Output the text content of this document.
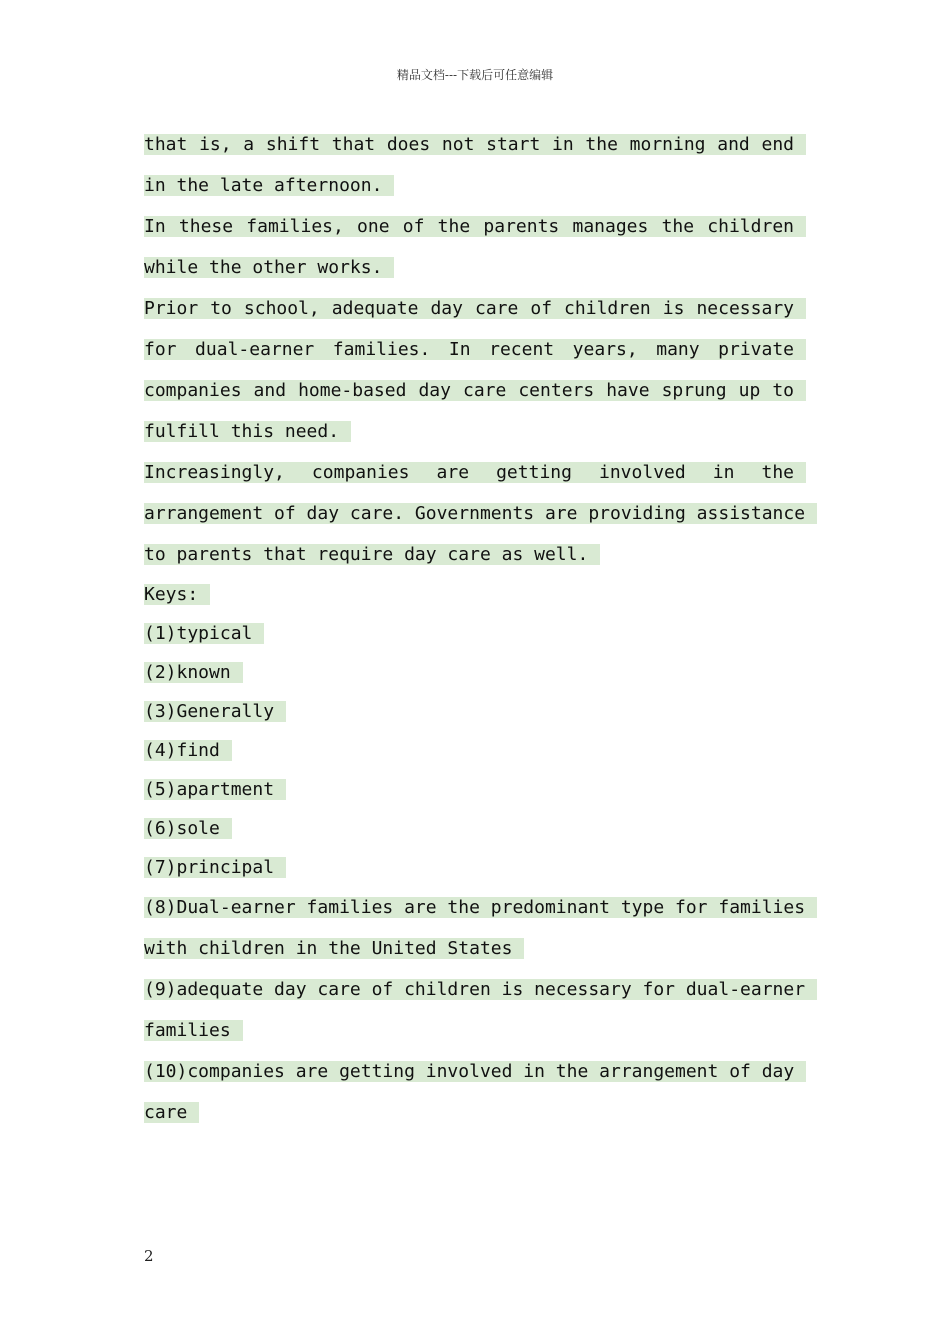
精品文档---下载后可任意编辑

that is, a shift that does not start in the morning and end in the late afternoon.

In these families, one of the parents manages the children while the other works.

Prior to school, adequate day care of children is necessary for dual-earner families. In recent years, many private companies and home-based day care centers have sprung up to fulfill this need.

Increasingly, companies are getting involved in the arrangement of day care. Governments are providing assistance to parents that require day care as well.

Keys:

(1)typical

(2)known

(3)Generally

(4)find

(5)apartment

(6)sole

(7)principal

(8)Dual-earner families are the predominant type for families with children in the United States

(9)adequate day care of children is necessary for dual-earner families

(10)companies are getting involved in the arrangement of day care

2
